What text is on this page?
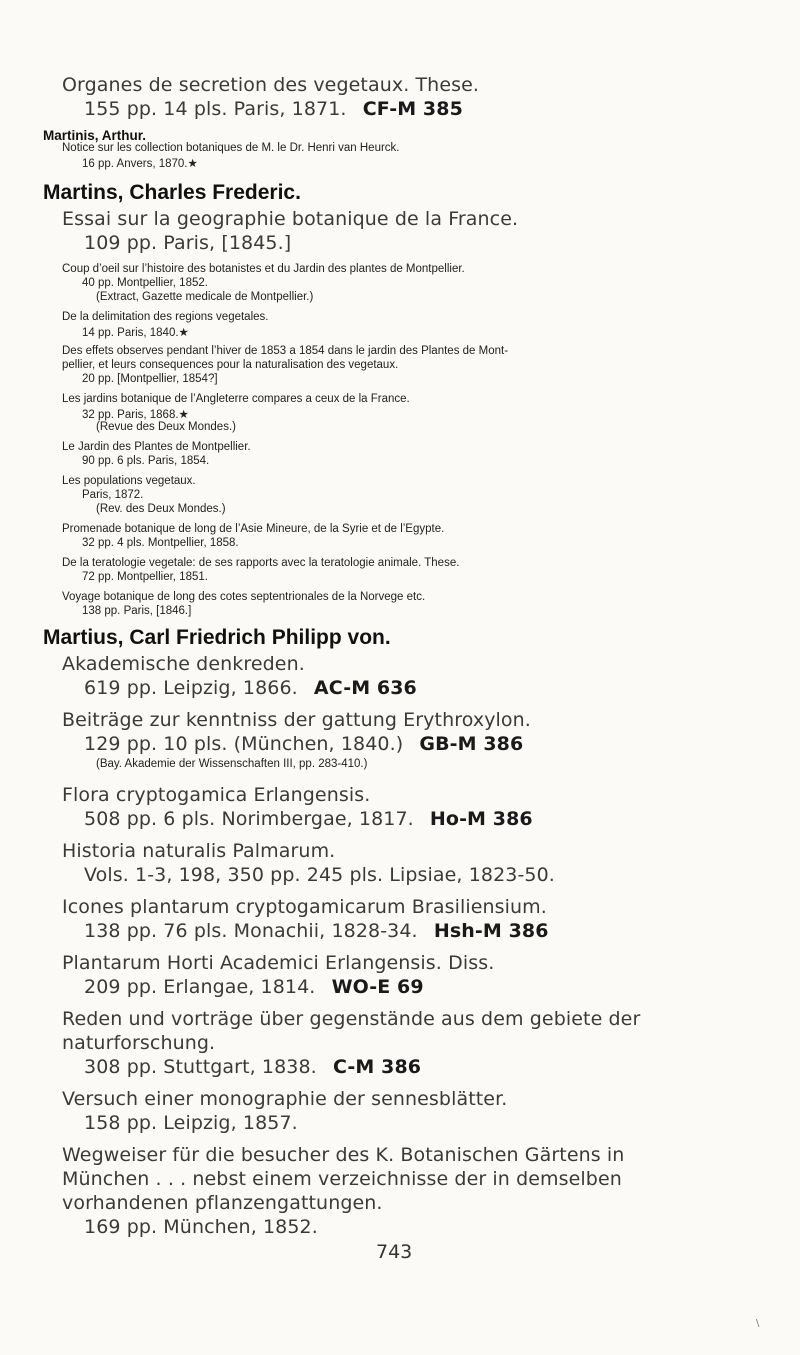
Organes de secretion des vegetaux. These.
155 pp. 14 pls. Paris, 1871. CF-M 385
Martinis, Arthur.
Notice sur les collection botaniques de M. le Dr. Henri van Heurck.
16 pp. Anvers, 1870.★
Martins, Charles Frederic.
Essai sur la geographie botanique de la France.
109 pp. Paris, [1845.]
Coup d’oeil sur l’histoire des botanistes et du Jardin des plantes de Montpellier.
40 pp. Montpellier, 1852.
(Extract, Gazette medicale de Montpellier.)
De la delimitation des regions vegetales.
14 pp. Paris, 1840.★
Des effets observes pendant l’hiver de 1853 a 1854 dans le jardin des Plantes de Mont-
pellier, et leurs consequences pour la naturalisation des vegetaux.
20 pp. [Montpellier, 1854?]
Les jardins botanique de l’Angleterre compares a ceux de la France.
32 pp. Paris, 1868.★
(Revue des Deux Mondes.)
Le Jardin des Plantes de Montpellier.
90 pp. 6 pls. Paris, 1854.
Les populations vegetaux.
Paris, 1872.
(Rev. des Deux Mondes.)
Promenade botanique de long de l’Asie Mineure, de la Syrie et de l’Egypte.
32 pp. 4 pls. Montpellier, 1858.
De la teratologie vegetale: de ses rapports avec la teratologie animale. These.
72 pp. Montpellier, 1851.
Voyage botanique de long des cotes septentrionales de la Norvege etc.
138 pp. Paris, [1846.]
Martius, Carl Friedrich Philipp von.
Akademische denkreden.
619 pp. Leipzig, 1866. AC-M 636
Beiträge zur kenntniss der gattung Erythroxylon.
129 pp. 10 pls. (München, 1840.) GB-M 386
(Bay. Akademie der Wissenschaften III, pp. 283-410.)
Flora cryptogamica Erlangensis.
508 pp. 6 pls. Norimbergae, 1817. Ho-M 386
Historia naturalis Palmarum.
Vols. 1-3, 198, 350 pp. 245 pls. Lipsiae, 1823-50.
Icones plantarum cryptogamicarum Brasiliensium.
138 pp. 76 pls. Monachii, 1828-34. Hsh-M 386
Plantarum Horti Academici Erlangensis. Diss.
209 pp. Erlangae, 1814. WO-E 69
Reden und vorträge über gegenstände aus dem gebiete der
naturforschung.
308 pp. Stuttgart, 1838. C-M 386
Versuch einer monographie der sennesblätter.
158 pp. Leipzig, 1857.
Wegweiser für die besucher des K. Botanischen Gärtens in
München . . . nebst einem verzeichnisse der in demselben
vorhandenen pflanzengattungen.
169 pp. München, 1852.
743
\
